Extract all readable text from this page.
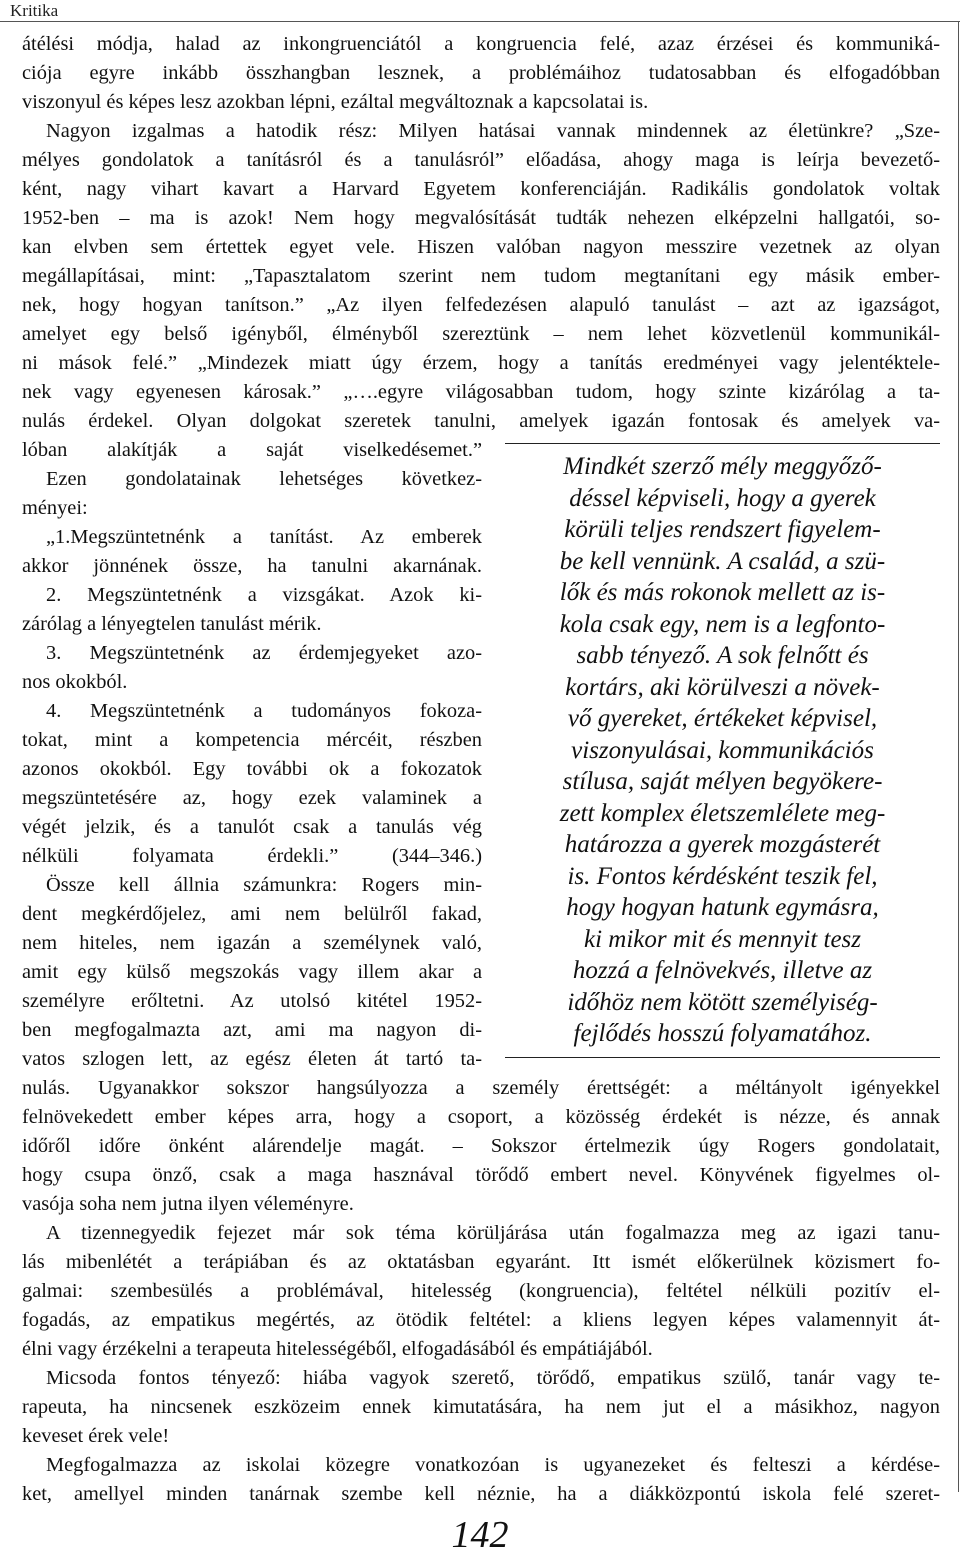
Kritika
átélési módja, halad az inkongruenciától a kongruencia felé, azaz érzései és kommuniká-
ciója egyre inkább összhangban lesznek, a problémáihoz tudatosabban és elfogadóbban
viszonyul és képes lesz azokban lépni, ezáltal megváltoznak a kapcsolatai is.
Nagyon izgalmas a hatodik rész: Milyen hatásai vannak mindennek az életünkre? „Sze-
mélyes gondolatok a tanításról és a tanulásról” előadása, ahogy maga is leírja bevezető-
ként, nagy vihart kavart a Harvard Egyetem konferenciáján. Radikális gondolatok voltak
1952-ben – ma is azok! Nem hogy megvalósítását tudták nehezen elképzelni hallgatói, so-
kan elvben sem értettek egyet vele. Hiszen valóban nagyon messzire vezetnek az olyan
megállapításai, mint: „Tapasztalatom szerint nem tudom megtanítani egy másik ember-
nek, hogy hogyan tanítson.” „Az ilyen felfedezésen alapuló tanulást – azt az igazságot,
amelyet egy belső igényből, élményből szereztünk – nem lehet közvetlenül kommunikál-
ni mások felé.” „Mindezek miatt úgy érzem, hogy a tanítás eredményei vagy jelentéktele-
nek vagy egyenesen károsak.” „….egyre világosabban tudom, hogy szinte kizárólag a ta-
nulás érdekel. Olyan dolgokat szeretek tanulni, amelyek igazán fontosak és amelyek va-
lóban alakítják a saját viselkedésemet.”
Ezen gondolatainak lehetséges következ-
ményei:
„1.Megszüntetnénk a tanítást. Az emberek
akkor jönnének össze, ha tanulni akarnának.
2. Megszüntetnénk a vizsgákat. Azok ki-
zárólag a lényegtelen tanulást mérik.
3. Megszüntetnénk az érdemjegyeket azo-
nos okokból.
4. Megszüntetnénk a tudományos fokoza-
tokat, mint a kompetencia mércéit, részben
azonos okokból. Egy további ok a fokozatok
megszüntetésére az, hogy ezek valaminek a
végét jelzik, és a tanulót csak a tanulás vég
nélküli folyamata érdekli.” (344–346.)
Össze kell állnia számunkra: Rogers min-
dent megkérdőjelez, ami nem belülről fakad,
nem hiteles, nem igazán a személynek való,
amit egy külső megszokás vagy illem akar a
személyre erőltetni. Az utolsó kitétel 1952-
ben megfogalmazta azt, ami ma nagyon di-
vatos szlogen lett, az egész életen át tartó ta-
nulás. Ugyanakkor sokszor hangsúlyozza a személy érettségét: a méltányolt igényekkel
felnövekedett ember képes arra, hogy a csoport, a közösség érdekét is nézze, és annak
időről időre önként alárendelje magát. – Sokszor értelmezik úgy Rogers gondolatait,
hogy csupa önző, csak a maga hasznával törődő embert nevel. Könyvének figyelmes ol-
vasója soha nem jutna ilyen véleményre.
A tizennegyedik fejezet már sok téma körüljárása után fogalmazza meg az igazi tanu-
lás mibenlétét a terápiában és az oktatásban egyaránt. Itt ismét előkerülnek közismert fo-
galmai: szembesülés a problémával, hitelesség (kongruencia), feltétel nélküli pozitív el-
fogadás, az empatikus megértés, az ötödik feltétel: a kliens legyen képes valamennyit át-
élni vagy érzékelni a terapeuta hitelességéből, elfogadásából és empátiájából.
Micsoda fontos tényező: hiába vagyok szerető, törődő, empatikus szülő, tanár vagy te-
rapeuta, ha nincsenek eszközeim ennek kimutatására, ha nem jut el a másikhoz, nagyon
keveset érek vele!
Megfogalmazza az iskolai közegre vonatkozóan is ugyanezeket és felteszi a kérdése-
ket, amellyel minden tanárnak szembe kell néznie, ha a diákközpontú iskola felé szeret-
Mindkét szerző mély meggyőző-
déssel képviseli, hogy a gyerek
körüli teljes rendszert figyelem-
be kell vennünk. A család, a szü-
lők és más rokonok mellett az is-
kola csak egy, nem is a legfonto-
sabb tényező. A sok felnőtt és
kortárs, aki körülveszi a növek-
vő gyereket, értékeket képvisel,
viszonyulásai, kommunikációs
stílusa, saját mélyen begyökere-
zett komplex életszemlélete meg-
határozza a gyerek mozgásterét
is. Fontos kérdésként teszik fel,
hogy hogyan hatunk egymásra,
ki mikor mit és mennyit tesz
hozzá a felnövekvés, illetve az
időhöz nem kötött személyiség-
fejlődés hosszú folyamatához.
142
